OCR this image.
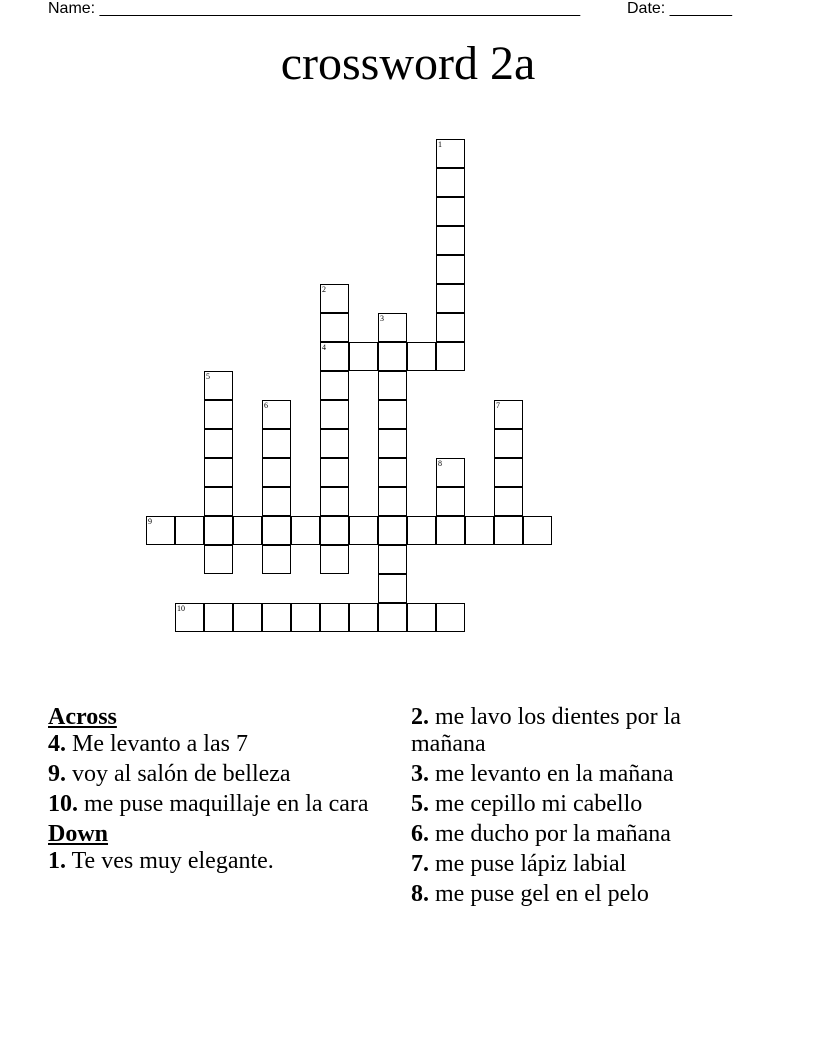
Name: ______________________________________________________	Date: _______
crossword 2a
1
2
4
3
5
6	7
8
9
10
Across
4. Me levanto a las 7
9. voy al salón de belleza
10. me puse maquillaje en la cara
Down
1. Te ves muy elegante.
2. me lavo los dientes por la mañana
3. me levanto en la mañana
5. me cepillo mi cabello
6. me ducho por la mañana
7. me puse lápiz labial
8. me puse gel en el pelo
